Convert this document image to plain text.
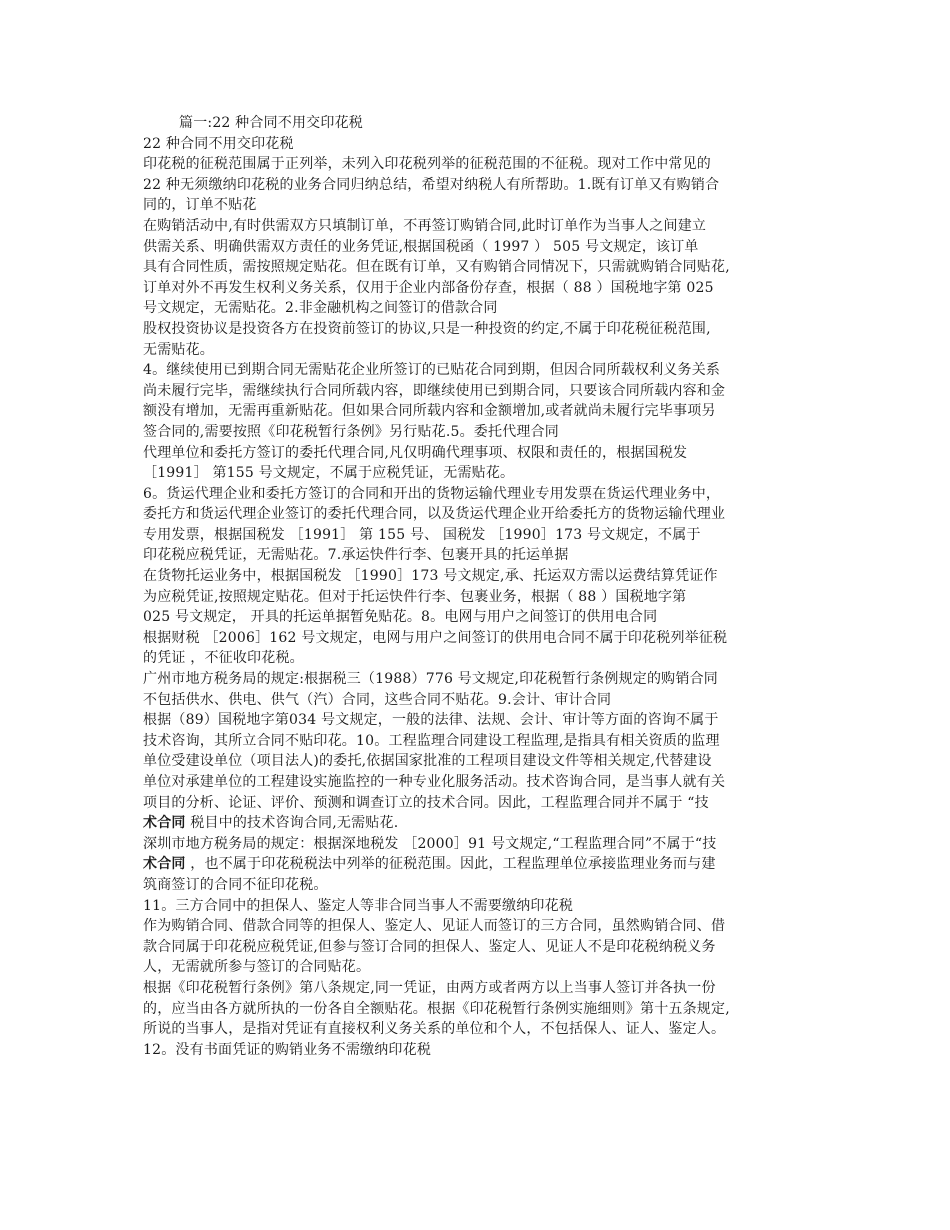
篇一:22 种合同不用交印花税
22 种合同不用交印花税
印花税的征税范围属于正列举，未列入印花税列举的征税范围的不征税。现对工作中常见的
22 种无须缴纳印花税的业务合同归纳总结，希望对纳税人有所帮助。1.既有订单又有购销合
同的，订单不贴花
在购销活动中,有时供需双方只填制订单，不再签订购销合同,此时订单作为当事人之间建立
供需关系、明确供需双方责任的业务凭证,根据国税函（ 1997 ） 505 号文规定，该订单
具有合同性质，需按照规定贴花。但在既有订单，又有购销合同情况下，只需就购销合同贴花,
订单对外不再发生权利义务关系，仅用于企业内部备份存查，根据（ 88 ）国税地字第 025
号文规定，无需贴花。2.非金融机构之间签订的借款合同
股权投资协议是投资各方在投资前签订的协议,只是一种投资的约定,不属于印花税征税范围,
无需贴花。
4。继续使用已到期合同无需贴花企业所签订的已贴花合同到期，但因合同所载权利义务关系
尚未履行完毕，需继续执行合同所载内容，即继续使用已到期合同，只要该合同所载内容和金
额没有增加，无需再重新贴花。但如果合同所载内容和金额增加,或者就尚未履行完毕事项另
签合同的,需要按照《印花税暂行条例》另行贴花.5。委托代理合同
代理单位和委托方签订的委托代理合同,凡仅明确代理事项、权限和责任的，根据国税发
［1991］ 第155 号文规定，不属于应税凭证，无需贴花。
6。货运代理企业和委托方签订的合同和开出的货物运输代理业专用发票在货运代理业务中，
委托方和货运代理企业签订的委托代理合同，以及货运代理企业开给委托方的货物运输代理业
专用发票，根据国税发 ［1991］ 第 155 号、 国税发 ［1990］173 号文规定，不属于
印花税应税凭证，无需贴花。7.承运快件行李、包裹开具的托运单据
在货物托运业务中，根据国税发 ［1990］173 号文规定,承、托运双方需以运费结算凭证作
为应税凭证,按照规定贴花。但对于托运快件行李、包裹业务，根据（ 88 ）国税地字第
025 号文规定， 开具的托运单据暂免贴花。8。电网与用户之间签订的供用电合同
根据财税 ［2006］162 号文规定，电网与用户之间签订的供用电合同不属于印花税列举征税
的凭证 ，不征收印花税。
广州市地方税务局的规定:根据税三（1988）776 号文规定,印花税暂行条例规定的购销合同
不包括供水、供电、供气（汽）合同，这些合同不贴花。9.会计、审计合同
根据（89）国税地字第034 号文规定，一般的法律、法规、会计、审计等方面的咨询不属于
技术咨询，其所立合同不贴印花。10。工程监理合同建设工程监理,是指具有相关资质的监理
单位受建设单位（项目法人)的委托,依据国家批准的工程项目建设文件等相关规定,代替建设
单位对承建单位的工程建设实施监控的一种专业化服务活动。技术咨询合同，是当事人就有关
项目的分析、论证、评价、预测和调查订立的技术合同。因此，工程监理合同并不属于 “技
术合同 税目中的技术咨询合同,无需贴花.
深圳市地方税务局的规定：根据深地税发 ［2000］91 号文规定,“工程监理合同”不属于“技
术合同 ，也不属于印花税税法中列举的征税范围。因此，工程监理单位承接监理业务而与建
筑商签订的合同不征印花税。
11。三方合同中的担保人、鉴定人等非合同当事人不需要缴纳印花税
作为购销合同、借款合同等的担保人、鉴定人、见证人而签订的三方合同，虽然购销合同、借
款合同属于印花税应税凭证,但参与签订合同的担保人、鉴定人、见证人不是印花税纳税义务
人，无需就所参与签订的合同贴花。
根据《印花税暂行条例》第八条规定,同一凭证，由两方或者两方以上当事人签订并各执一份
的，应当由各方就所执的一份各自全额贴花。根据《印花税暂行条例实施细则》第十五条规定,
所说的当事人，是指对凭证有直接权利义务关系的单位和个人，不包括保人、证人、鉴定人。
12。没有书面凭证的购销业务不需缴纳印花税
